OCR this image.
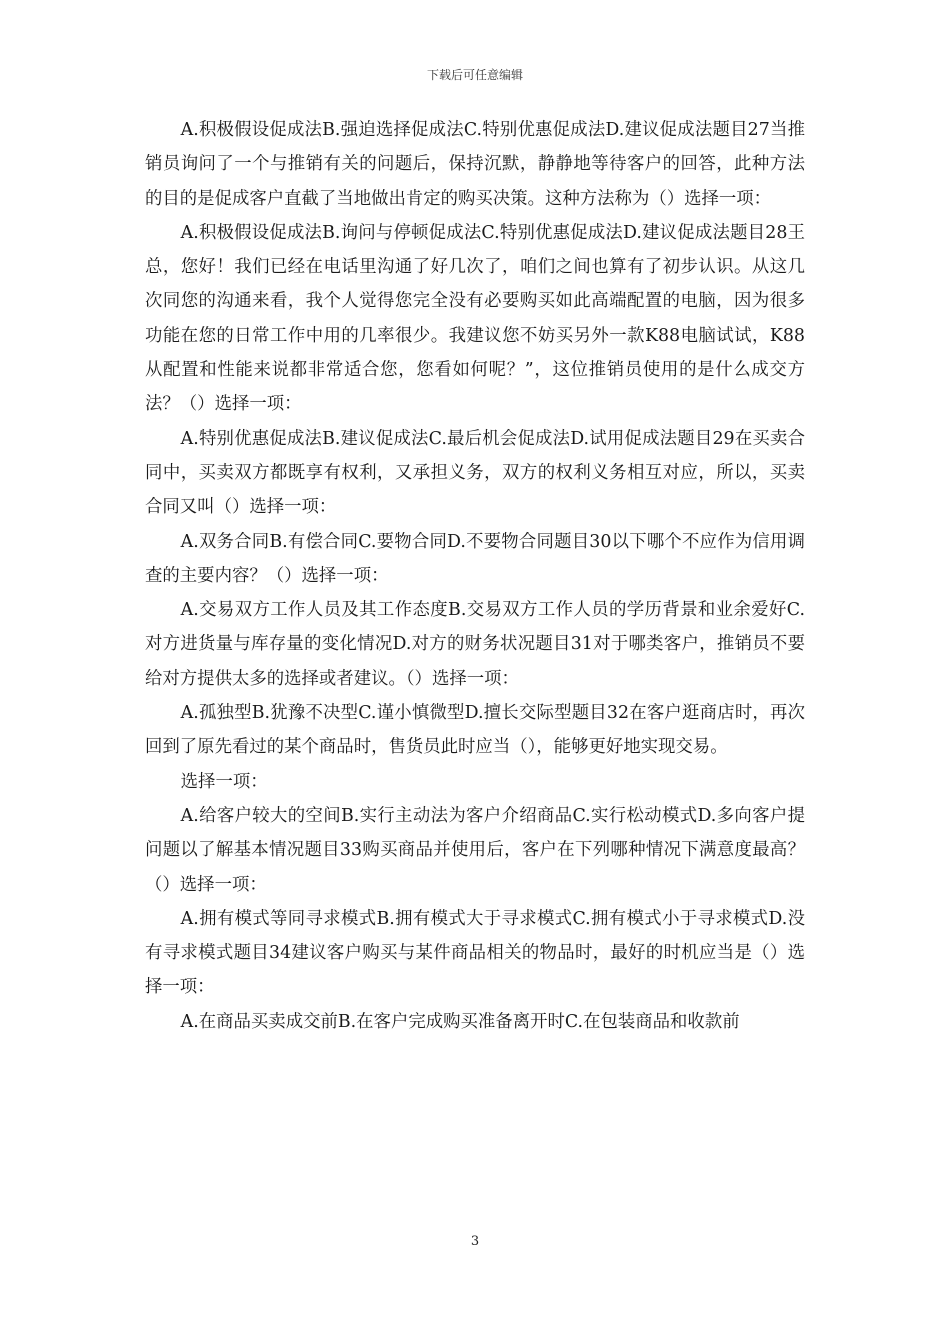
下载后可任意编辑

A.积极假设促成法B.强迫选择促成法C.特别优惠促成法D.建议促成法题目27当推销员询问了一个与推销有关的问题后，保持沉默，静静地等待客户的回答，此种方法的目的是促成客户直截了当地做出肯定的购买决策。这种方法称为（）选择一项：

A.积极假设促成法B.询问与停顿促成法C.特别优惠促成法D.建议促成法题目28王总，您好！我们已经在电话里沟通了好几次了，咱们之间也算有了初步认识。从这几次同您的沟通来看，我个人觉得您完全没有必要购买如此高端配置的电脑，因为很多功能在您的日常工作中用的几率很少。我建议您不妨买另外一款K88电脑试试，K88从配置和性能来说都非常适合您，您看如何呢？”，这位推销员使用的是什么成交方法？（）选择一项：

A.特别优惠促成法B.建议促成法C.最后机会促成法D.试用促成法题目29在买卖合同中，买卖双方都既享有权利，又承担义务，双方的权利义务相互对应，所以，买卖合同又叫（）选择一项：

A.双务合同B.有偿合同C.要物合同D.不要物合同题目30以下哪个不应作为信用调查的主要内容？（）选择一项：

A.交易双方工作人员及其工作态度B.交易双方工作人员的学历背景和业余爱好C.对方进货量与库存量的变化情况D.对方的财务状况题目31对于哪类客户，推销员不要给对方提供太多的选择或者建议。（）选择一项：

A.孤独型B.犹豫不决型C.谨小慎微型D.擅长交际型题目32在客户逛商店时，再次回到了原先看过的某个商品时，售货员此时应当（），能够更好地实现交易。

选择一项：

A.给客户较大的空间B.实行主动法为客户介绍商品C.实行松动模式D.多向客户提问题以了解基本情况题目33购买商品并使用后，客户在下列哪种情况下满意度最高？（）选择一项：

A.拥有模式等同寻求模式B.拥有模式大于寻求模式C.拥有模式小于寻求模式D.没有寻求模式题目34建议客户购买与某件商品相关的物品时，最好的时机应当是（）选择一项：

A.在商品买卖成交前B.在客户完成购买准备离开时C.在包装商品和收款前

3
